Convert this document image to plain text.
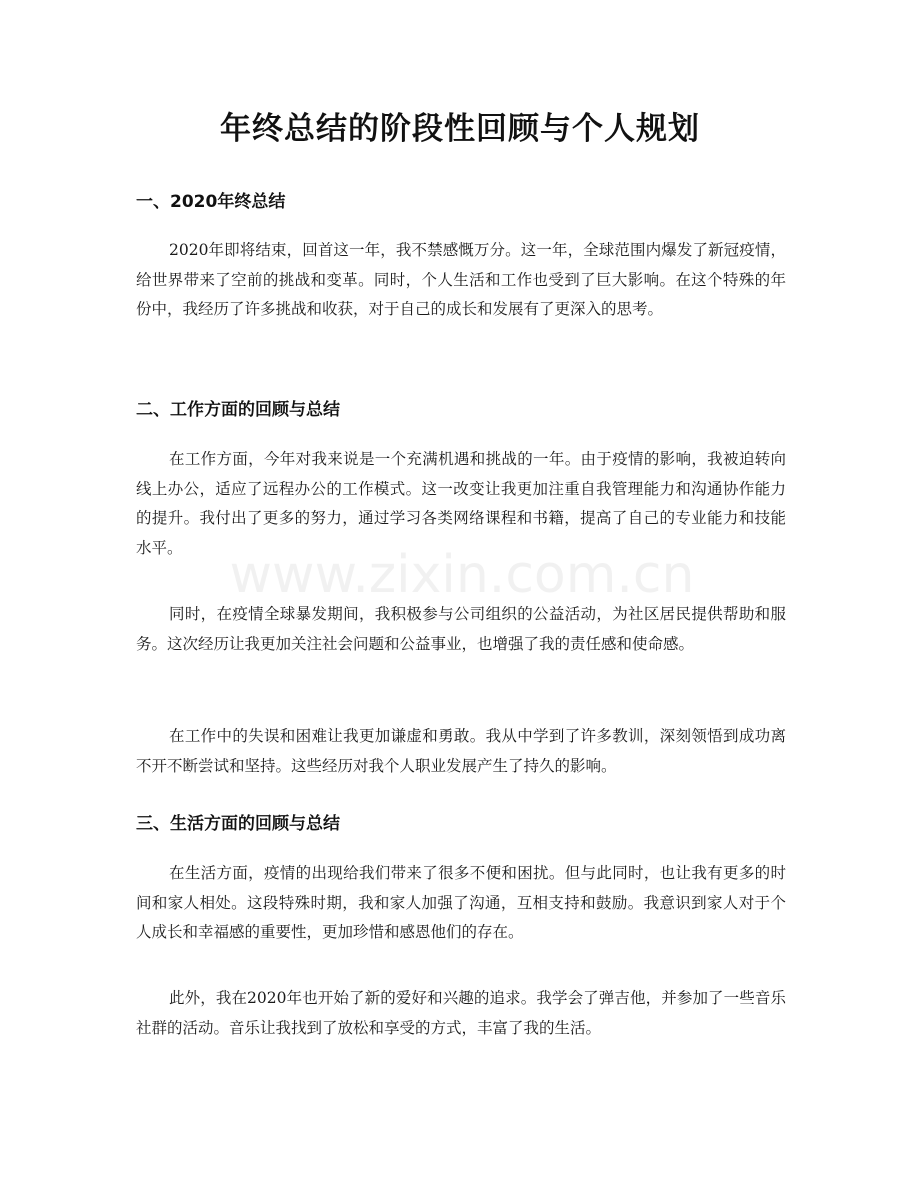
www.zixin.com.cn
年终总结的阶段性回顾与个人规划
一、2020年终总结

2020年即将结束，回首这一年，我不禁感慨万分。这一年，全球范围内爆发了新冠疫情，给世界带来了空前的挑战和变革。同时，个人生活和工作也受到了巨大影响。在这个特殊的年份中，我经历了许多挑战和收获，对于自己的成长和发展有了更深入的思考。

二、工作方面的回顾与总结

在工作方面，今年对我来说是一个充满机遇和挑战的一年。由于疫情的影响，我被迫转向线上办公，适应了远程办公的工作模式。这一改变让我更加注重自我管理能力和沟通协作能力的提升。我付出了更多的努力，通过学习各类网络课程和书籍，提高了自己的专业能力和技能水平。

同时，在疫情全球暴发期间，我积极参与公司组织的公益活动，为社区居民提供帮助和服务。这次经历让我更加关注社会问题和公益事业，也增强了我的责任感和使命感。

在工作中的失误和困难让我更加谦虚和勇敢。我从中学到了许多教训，深刻领悟到成功离不开不断尝试和坚持。这些经历对我个人职业发展产生了持久的影响。

三、生活方面的回顾与总结

在生活方面，疫情的出现给我们带来了很多不便和困扰。但与此同时，也让我有更多的时间和家人相处。这段特殊时期，我和家人加强了沟通，互相支持和鼓励。我意识到家人对于个人成长和幸福感的重要性，更加珍惜和感恩他们的存在。

此外，我在2020年也开始了新的爱好和兴趣的追求。我学会了弹吉他，并参加了一些音乐社群的活动。音乐让我找到了放松和享受的方式，丰富了我的生活。
